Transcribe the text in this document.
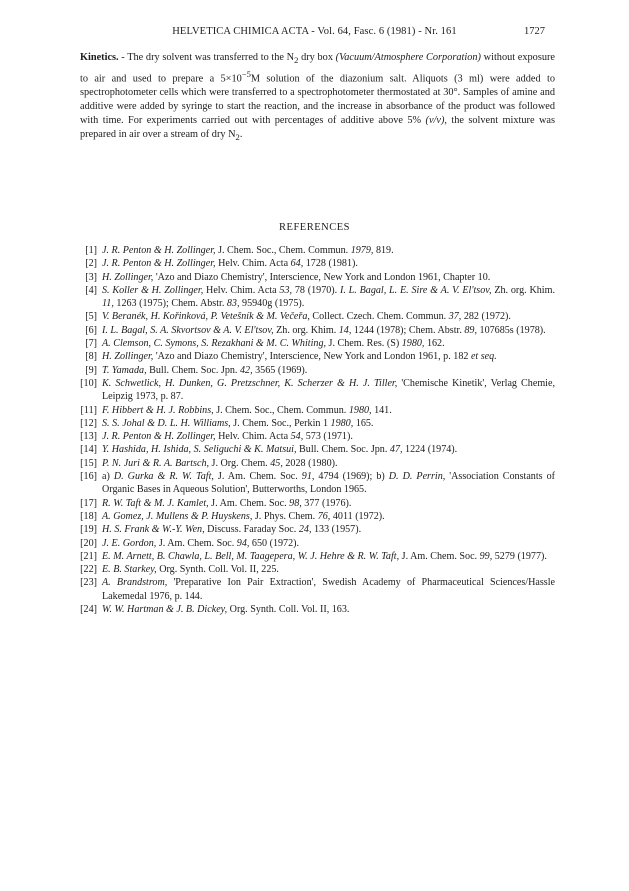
HELVETICA CHIMICA ACTA - Vol. 64, Fasc. 6 (1981) - Nr. 161	1727
Kinetics. - The dry solvent was transferred to the $N_2$ dry box (Vacuum/Atmosphere Corporation) without exposure to air and used to prepare a $5\times 10^{-5}M$ solution of the diazonium salt. Aliquots (3 ml) were added to spectrophotometer cells which were transferred to a spectrophotometer thermostated at 30°. Samples of amine and additive were added by syringe to start the reaction, and the increase in absorbance of the product was followed with time. For experiments carried out with percentages of additive above 5% (v/v), the solvent mixture was prepared in air over a stream of dry $N_2$.
REFERENCES
[1] J. R. Penton & H. Zollinger, J. Chem. Soc., Chem. Commun. 1979, 819.
[2] J. R. Penton & H. Zollinger, Helv. Chim. Acta 64, 1728 (1981).
[3] H. Zollinger, 'Azo and Diazo Chemistry', Interscience, New York and London 1961, Chapter 10.
[4] S. Koller & H. Zollinger, Helv. Chim. Acta 53, 78 (1970). I. L. Bagal, L. E. Sire & A. V. El'tsov, Zh. org. Khim. 11, 1263 (1975); Chem. Abstr. 83, 95940g (1975).
[5] V. Beranék, H. Kořinková, P. Vetešník & M. Večeřa, Collect. Czech. Chem. Commun. 37, 282 (1972).
[6] I. L. Bagal, S. A. Skvortsov & A. V. El'tsov, Zh. org. Khim. 14, 1244 (1978); Chem. Abstr. 89, 107685s (1978).
[7] A. Clemson, C. Symons, S. Rezakhani & M. C. Whiting, J. Chem. Res. (S) 1980, 162.
[8] H. Zollinger, 'Azo and Diazo Chemistry', Interscience, New York and London 1961, p. 182 et seq.
[9] T. Yamada, Bull. Chem. Soc. Jpn. 42, 3565 (1969).
[10] K. Schwetlick, H. Dunken, G. Pretzschner, K. Scherzer & H. J. Tiller, 'Chemische Kinetik', Verlag Chemie, Leipzig 1973, p. 87.
[11] F. Hibbert & H. J. Robbins, J. Chem. Soc., Chem. Commun. 1980, 141.
[12] S. S. Johal & D. L. H. Williams, J. Chem. Soc., Perkin 1 1980, 165.
[13] J. R. Penton & H. Zollinger, Helv. Chim. Acta 54, 573 (1971).
[14] Y. Hashida, H. Ishida, S. Seliguchi & K. Matsui, Bull. Chem. Soc. Jpn. 47, 1224 (1974).
[15] P. N. Juri & R. A. Bartsch, J. Org. Chem. 45, 2028 (1980).
[16] a) D. Gurka & R. W. Taft, J. Am. Chem. Soc. 91, 4794 (1969); b) D. D. Perrin, 'Association Constants of Organic Bases in Aqueous Solution', Butterworths, London 1965.
[17] R. W. Taft & M. J. Kamlet, J. Am. Chem. Soc. 98, 377 (1976).
[18] A. Gomez, J. Mullens & P. Huyskens, J. Phys. Chem. 76, 4011 (1972).
[19] H. S. Frank & W.-Y. Wen, Discuss. Faraday Soc. 24, 133 (1957).
[20] J. E. Gordon, J. Am. Chem. Soc. 94, 650 (1972).
[21] E. M. Arnett, B. Chawla, L. Bell, M. Taagepera, W. J. Hehre & R. W. Taft, J. Am. Chem. Soc. 99, 5279 (1977).
[22] E. B. Starkey, Org. Synth. Coll. Vol. II, 225.
[23] A. Brandstrom, 'Preparative Ion Pair Extraction', Swedish Academy of Pharmaceutical Sciences/Hassle Lakemedal 1976, p. 144.
[24] W. W. Hartman & J. B. Dickey, Org. Synth. Coll. Vol. II, 163.
